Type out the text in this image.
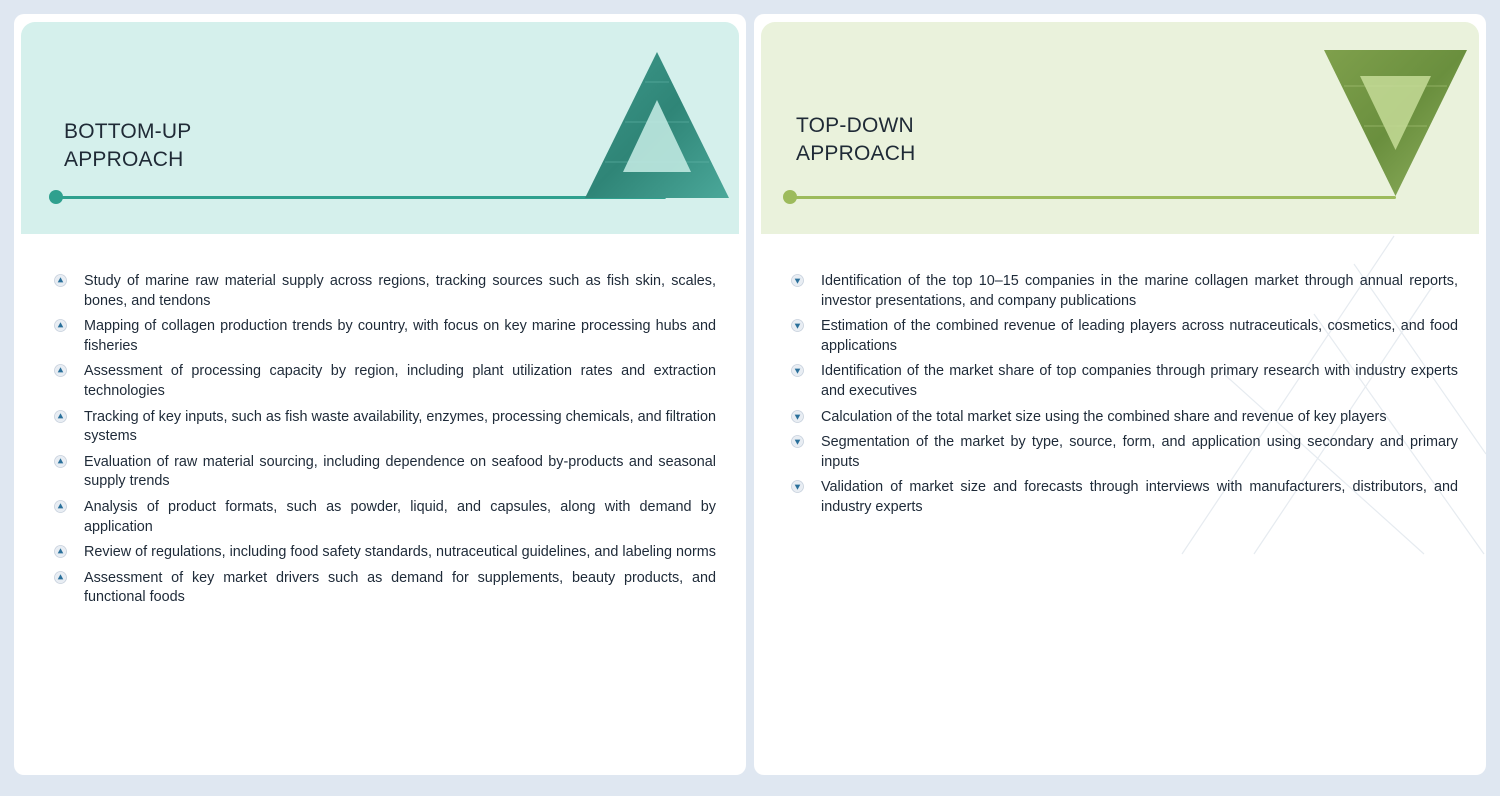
BOTTOM-UP
APPROACH
Study of marine raw material supply across regions, tracking sources such as fish skin, scales, bones, and tendons
Mapping of collagen production trends by country, with focus on key marine processing hubs and fisheries
Assessment of processing capacity by region, including plant utilization rates and extraction technologies
Tracking of key inputs, such as fish waste availability, enzymes, processing chemicals, and filtration systems
Evaluation of raw material sourcing, including dependence on seafood by-products and seasonal supply trends
Analysis of product formats, such as powder, liquid, and capsules, along with demand by application
Review of regulations, including food safety standards, nutraceutical guidelines, and labeling norms
Assessment of key market drivers such as demand for supplements, beauty products, and functional foods
TOP-DOWN
APPROACH
Identification of the top 10–15 companies in the marine collagen market through annual reports, investor presentations, and company publications
Estimation of the combined revenue of leading players across nutraceuticals, cosmetics, and food applications
Identification of the market share of top companies through primary research with industry experts and executives
Calculation of the total market size using the combined share and revenue of key players
Segmentation of the market by type, source, form, and application using secondary and primary inputs
Validation of market size and forecasts through interviews with manufacturers, distributors, and industry experts
